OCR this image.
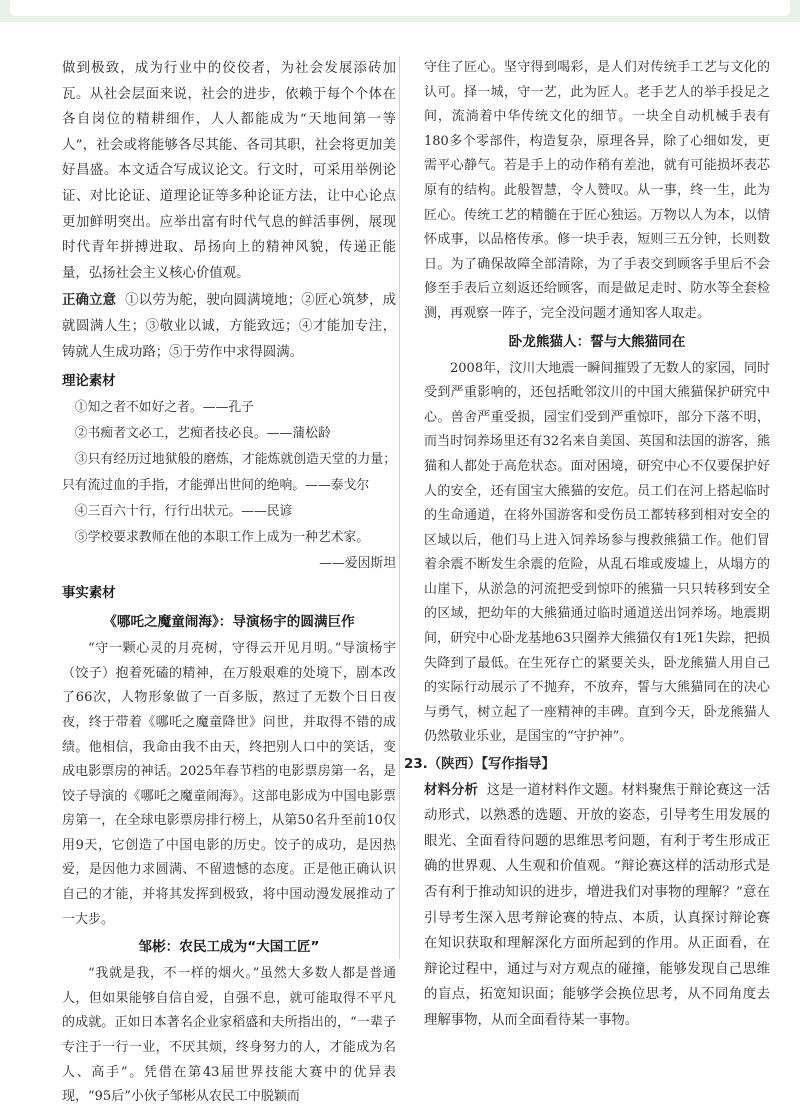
做到极致，成为行业中的佼佼者，为社会发展添砖加瓦。从社会层面来说，社会的进步，依赖于每个个体在各自岗位的精耕细作，人人都能成为“天地间第一等人”，社会或将能够各尽其能、各司其职，社会将更加美好昌盛。本文适合写成议论文。行文时，可采用举例论证、对比论证、道理论证等多种论证方法，让中心论点更加鲜明突出。应举出富有时代气息的鲜活事例，展现时代青年拼搏进取、昂扬向上的精神风貌，传递正能量，弘扬社会主义核心价值观。

正确立意 ①以劳为舵，驶向圆满境地；②匠心筑梦，成就圆满人生；③敬业以诚，方能致远；④才能加专注，铸就人生成功路；⑤于劳作中求得圆满。

理论素材

①知之者不如好之者。——孔子

②书痴者文必工，艺痴者技必良。——蒲松龄

③只有经历过地狱般的磨炼，才能炼就创造天堂的力量；只有流过血的手指，才能弹出世间的绝响。——泰戈尔

④三百六十行，行行出状元。——民谚

⑤学校要求教师在他的本职工作上成为一种艺术家。

——爱因斯坦
事实素材
《哪吒之魔童闹海》：导演杨宇的圆满巨作

“守一颗心灵的月亮树，守得云开见月明。”导演杨宇（饺子）抱着死磕的精神，在万般艰难的处境下，剧本改了66次，人物形象做了一百多版，熬过了无数个日日夜夜，终于带着《哪吒之魔童降世》问世，并取得不错的成绩。他相信，我命由我不由天，终把别人口中的笑话，变成电影票房的神话。2025年春节档的电影票房第一名，是饺子导演的《哪吒之魔童闹海》。这部电影成为中国电影票房第一，在全球电影票房排行榜上，从第50名升至前10仅用9天，它创造了中国电影的历史。饺子的成功，是因热爱，是因他力求圆满、不留遗憾的态度。正是他正确认识自己的才能，并将其发挥到极致，将中国动漫发展推动了一大步。

邹彬：农民工成为“大国工匠”

“我就是我，不一样的烟火。”虽然大多数人都是普通人，但如果能够自信自爱，自强不息，就可能取得不平凡的成就。正如日本著名企业家稻盛和夫所指出的，“一辈子专注于一行一业，不厌其烦，终身努力的人，才能成为名人、高手”。凭借在第43届世界技能大赛中的优异表现，“95后”小伙子邹彬从农民工中脱颖而

守住了匠心。坚守得到喝彩，是人们对传统手工艺与文化的认可。择一城，守一艺，此为匠人。老手艺人的举手投足之间，流淌着中华传统文化的细节。一块全自动机械手表有180多个零部件，构造复杂，原理各异，除了心细如发，更需平心静气。若是手上的动作稍有差池，就有可能损坏表芯原有的结构。此般智慧，令人赞叹。从一事，终一生，此为匠心。传统工艺的精髓在于匠心独运。万物以人为本，以情怀成事，以品格传承。修一块手表，短则三五分钟，长则数日。为了确保故障全部清除，为了手表交到顾客手里后不会修至手表后立刻返还给顾客，而是做足走时、防水等全套检测，再观察一阵子，完全没问题才通知客人取走。

卧龙熊猫人：誓与大熊猫同在

2008年，汶川大地震一瞬间摧毁了无数人的家园，同时受到严重影响的，还包括毗邻汶川的中国大熊猫保护研究中心。兽舍严重受损，园宝们受到严重惊吓，部分下落不明，而当时饲养场里还有32名来自美国、英国和法国的游客，熊猫和人都处于高危状态。面对困境，研究中心不仅要保护好人的安全，还有国宝大熊猫的安危。员工们在河上搭起临时的生命通道，在将外国游客和受伤员工都转移到相对安全的区域以后，他们马上进入饲养场参与搜救熊猫工作。他们冒着余震不断发生余震的危险，从乱石堆或废墟上，从塌方的山崖下，从淤急的河流把受到惊吓的熊猫一只只转移到安全的区域，把幼年的大熊猫通过临时通道送出饲养场。地震期间，研究中心卧龙基地63只圈养大熊猫仅有1死1失踪，把损失降到了最低。在生死存亡的紧要关头，卧龙熊猫人用自己的实际行动展示了不抛弃，不放弃，誓与大熊猫同在的决心与勇气，树立起了一座精神的丰碑。直到今天，卧龙熊猫人仍然敬业乐业，是国宝的“守护神”。

23.（陕西）【写作指导】

材料分析 这是一道材料作文题。材料聚焦于辩论赛这一活动形式，以熟悉的选题、开放的姿态，引导考生用发展的眼光、全面看待问题的思维思考问题，有利于考生形成正确的世界观、人生观和价值观。“辩论赛这样的活动形式是否有利于推动知识的进步，增进我们对事物的理解？”意在引导考生深入思考辩论赛的特点、本质，认真探讨辩论赛在知识获取和理解深化方面所起到的作用。从正面看，在辩论过程中，通过与对方观点的碰撞，能够发现自己思维的盲点，拓宽知识面；能够学会换位思考，从不同角度去理解事物，从而全面看待某一事物。
